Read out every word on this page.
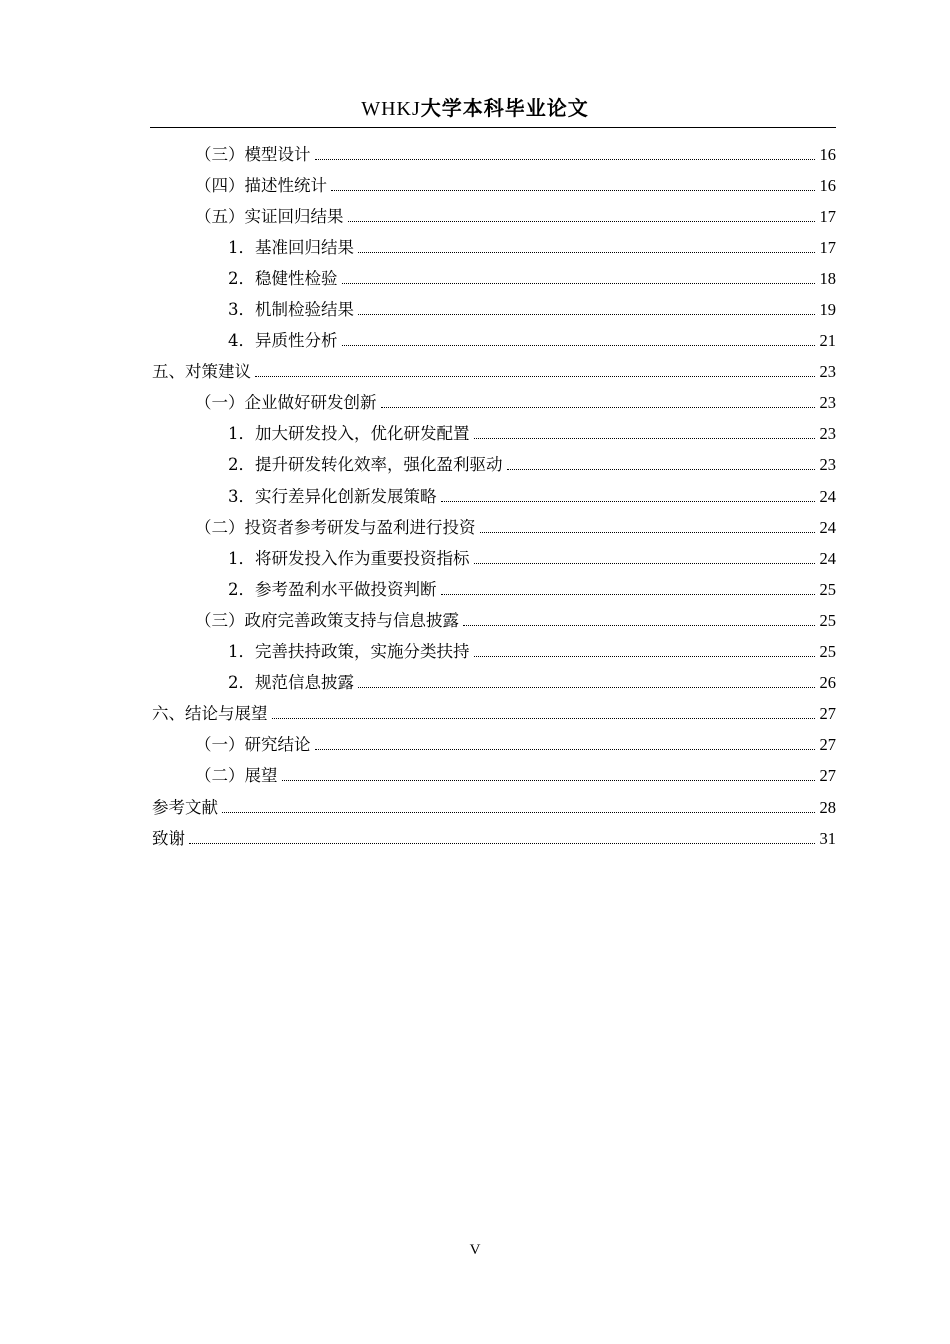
WHKJ大学本科毕业论文
（三）模型设计	16
（四）描述性统计	16
（五）实证回归结果	17
1．基准回归结果	17
2．稳健性检验	18
3．机制检验结果	19
4．异质性分析	21
五、对策建议	23
（一）企业做好研发创新	23
1．加大研发投入，优化研发配置	23
2．提升研发转化效率，强化盈利驱动	23
3．实行差异化创新发展策略	24
（二）投资者参考研发与盈利进行投资	24
1．将研发投入作为重要投资指标	24
2．参考盈利水平做投资判断	25
（三）政府完善政策支持与信息披露	25
1．完善扶持政策，实施分类扶持	25
2．规范信息披露	26
六、结论与展望	27
（一）研究结论	27
（二）展望	27
参考文献	28
致谢	31
V
